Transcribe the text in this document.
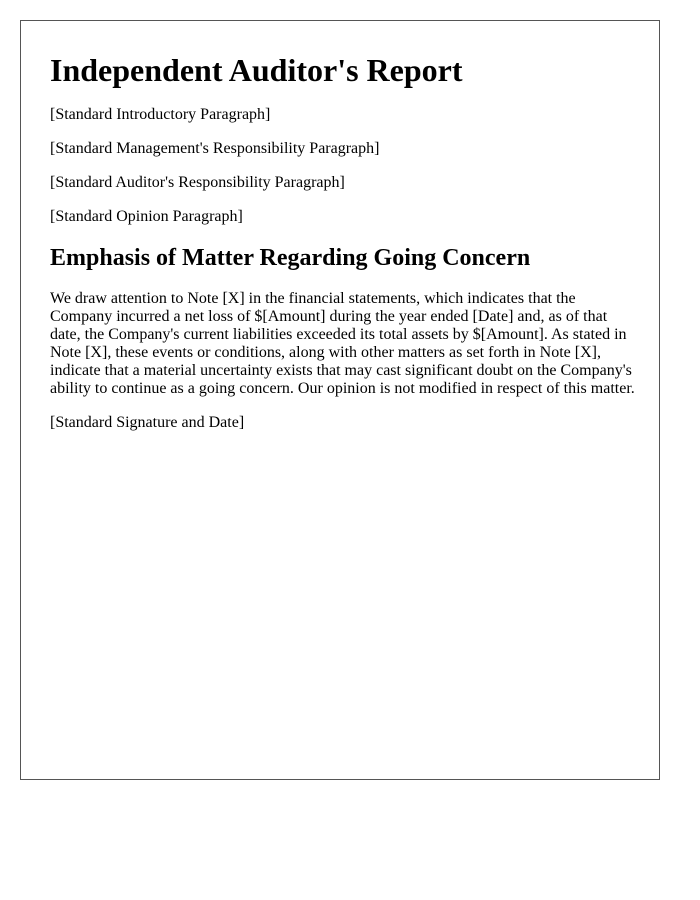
Independent Auditor's Report

[Standard Introductory Paragraph]

[Standard Management's Responsibility Paragraph]

[Standard Auditor's Responsibility Paragraph]

[Standard Opinion Paragraph]

Emphasis of Matter Regarding Going Concern

We draw attention to Note [X] in the financial statements, which indicates that the Company incurred a net loss of $[Amount] during the year ended [Date] and, as of that date, the Company's current liabilities exceeded its total assets by $[Amount]. As stated in Note [X], these events or conditions, along with other matters as set forth in Note [X], indicate that a material uncertainty exists that may cast significant doubt on the Company's ability to continue as a going concern. Our opinion is not modified in respect of this matter.

[Standard Signature and Date]
